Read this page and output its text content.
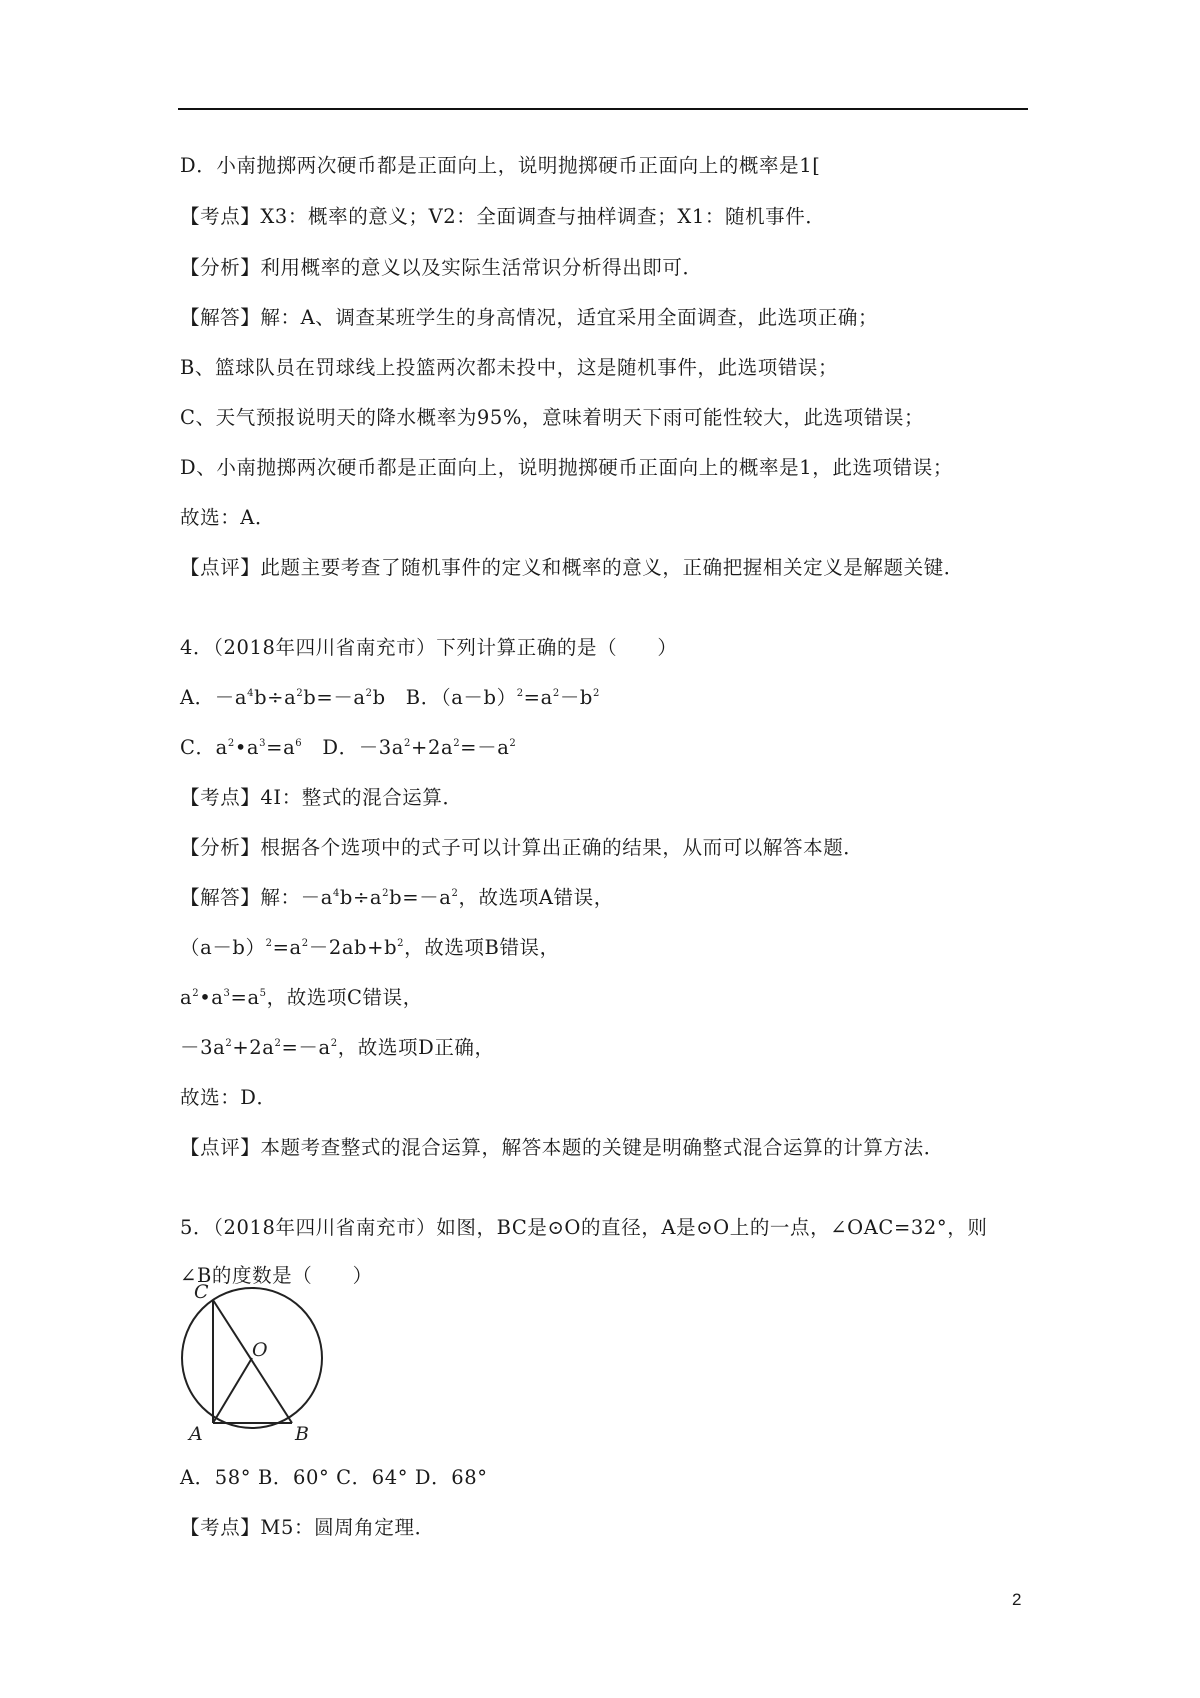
D．小南抛掷两次硬币都是正面向上，说明抛掷硬币正面向上的概率是1[
【考点】X3：概率的意义；V2：全面调查与抽样调查；X1：随机事件．
【分析】利用概率的意义以及实际生活常识分析得出即可．
【解答】解：A、调查某班学生的身高情况，适宜采用全面调查，此选项正确；
B、篮球队员在罚球线上投篮两次都未投中，这是随机事件，此选项错误；
C、天气预报说明天的降水概率为95%，意味着明天下雨可能性较大，此选项错误；
D、小南抛掷两次硬币都是正面向上，说明抛掷硬币正面向上的概率是1，此选项错误；
故选：A．
【点评】此题主要考查了随机事件的定义和概率的意义，正确把握相关定义是解题关键．
4．（2018年四川省南充市）下列计算正确的是（　　）
A．$-a^4b\div a^2b=-a^2b$　B．$(a-b)^2=a^2-b^2$
C．$a^2•a^3=a^6$　D．$-3a^2+2a^2=-a^2$
【考点】4I：整式的混合运算．
【分析】根据各个选项中的式子可以计算出正确的结果，从而可以解答本题．
【解答】解：$-a^4b\div a^2b=-a^2$，故选项A错误，
$(a-b)^2=a^2-2ab+b^2$，故选项B错误，
$a^2•a^3=a^5$，故选项C错误，
$-3a^2+2a^2=-a^2$，故选项D正确，
故选：D．
【点评】本题考查整式的混合运算，解答本题的关键是明确整式混合运算的计算方法．
5．（2018年四川省南充市）如图，BC是⊙O的直径，A是⊙O上的一点，∠OAC=32°，则
∠B的度数是（　　）
C
O
A	B
A．58° B．60° C．64° D．68°
【考点】M5：圆周角定理．
2
